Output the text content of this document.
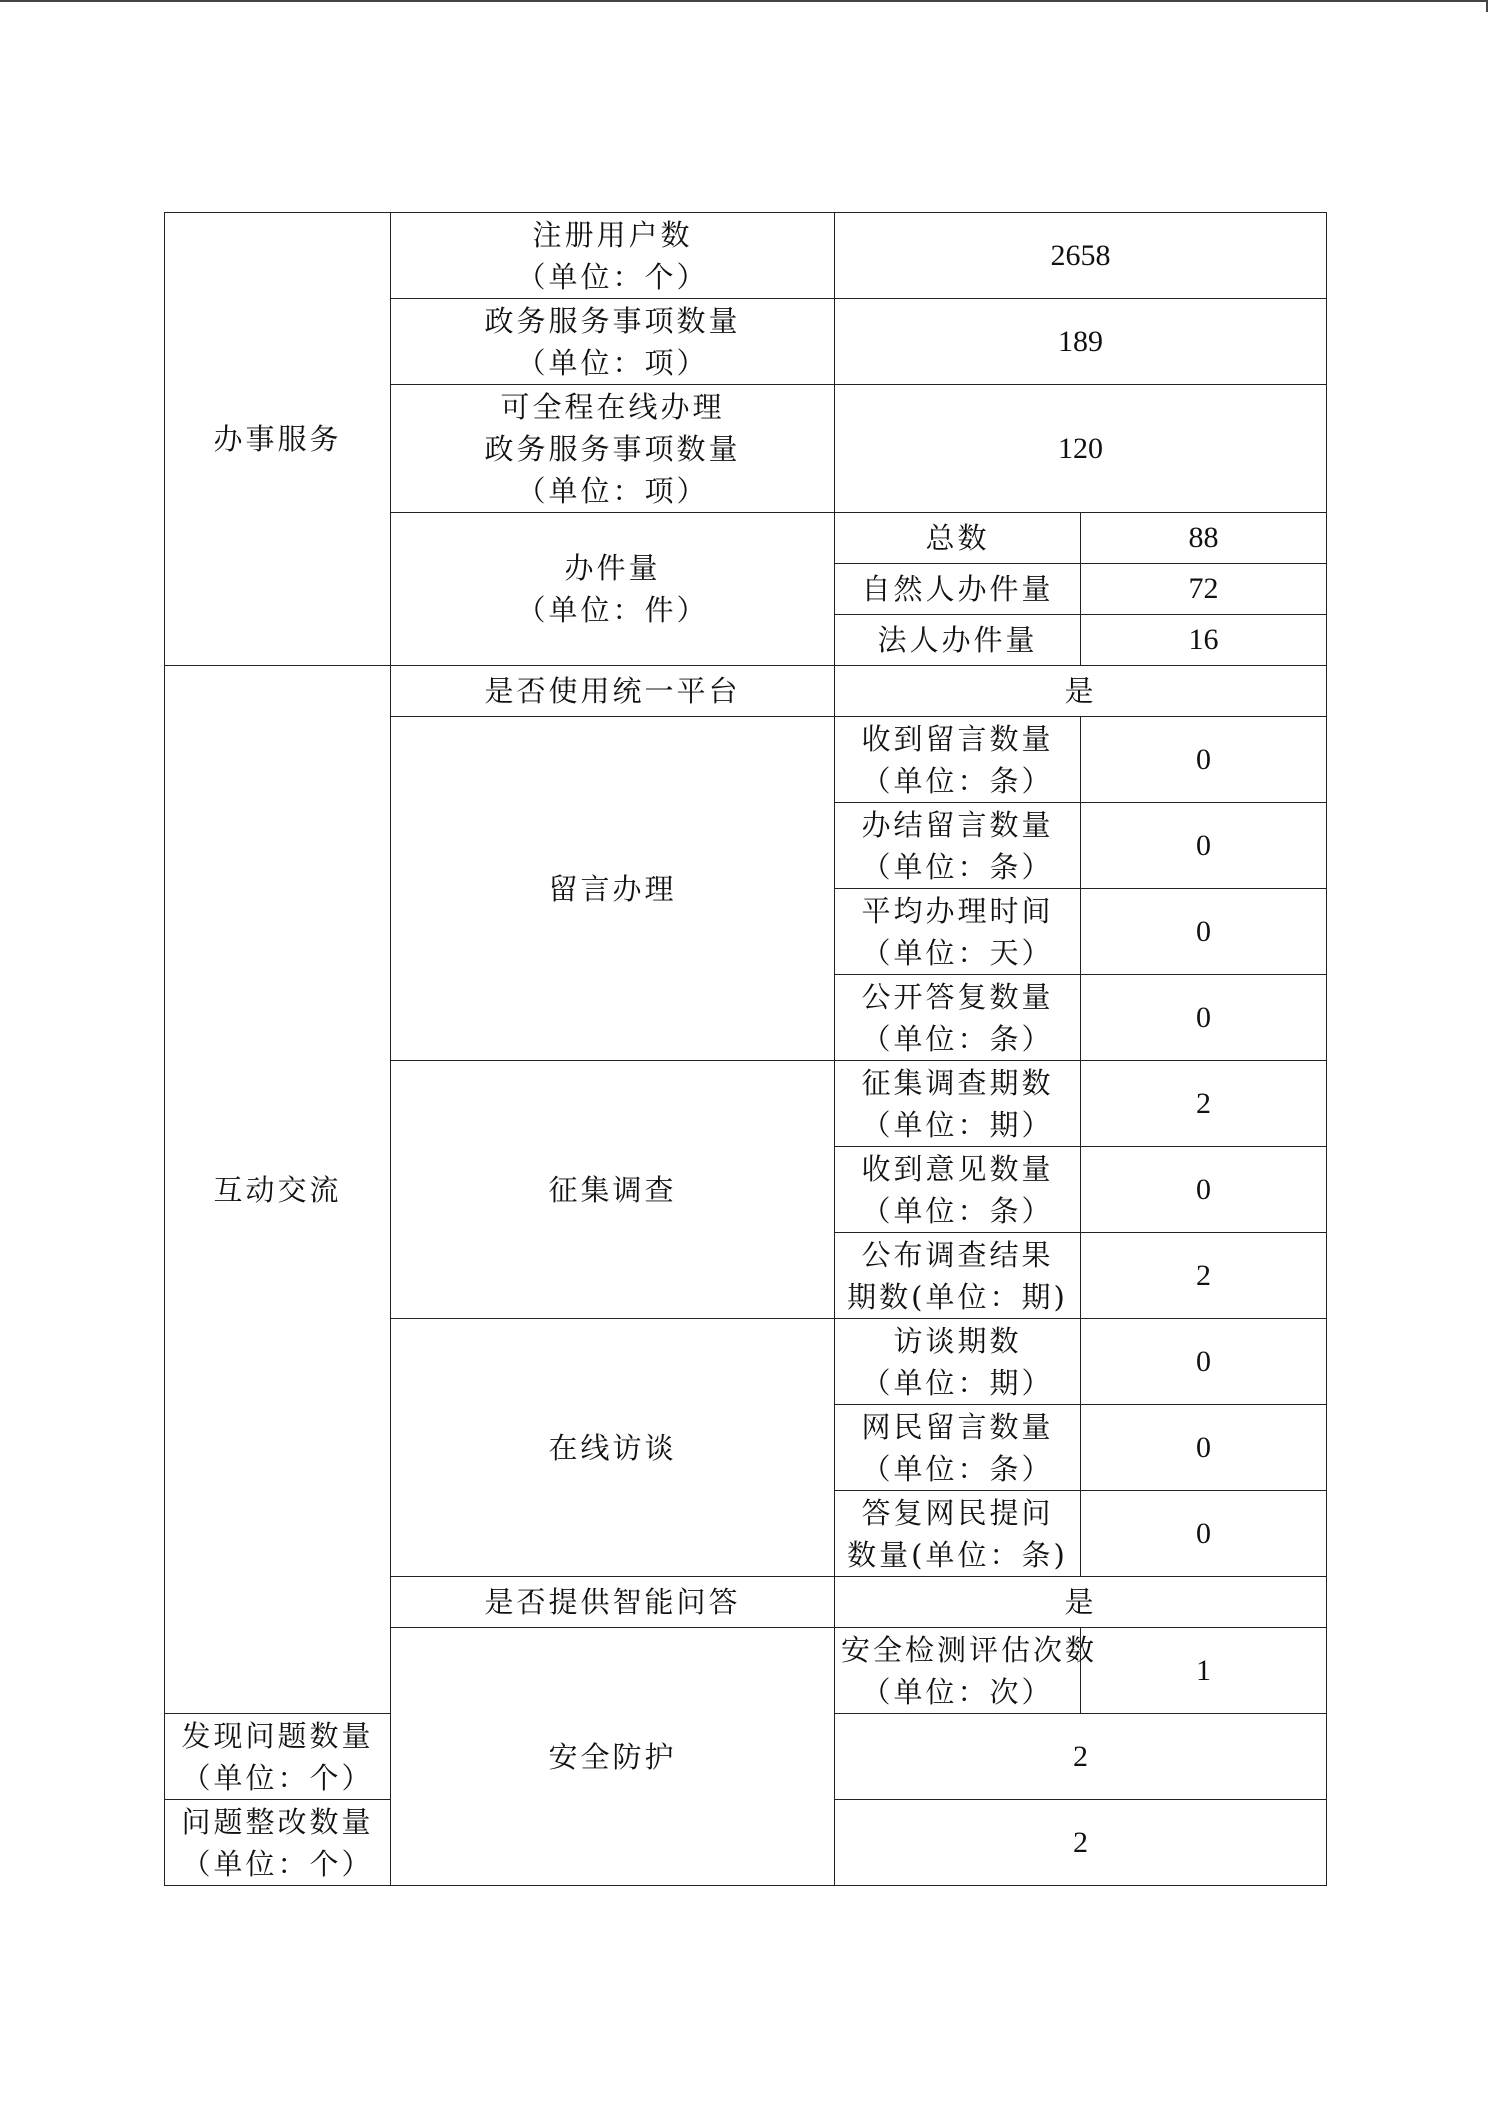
办事服务	注册用户数
（单位：个）	2658	

	政务服务事项数量
（单位：项）	189	

	可全程在线办理
政务服务事项数量
（单位：项）	120	

	办件量
（单位：件）	总数	88
		自然人办件量	72
		法人办件量	16
互动交流	是否使用统一平台	是	
	留言办理	收到留言数量
（单位：条）	0

		办结留言数量
（单位：条）	0

		平均办理时间
（单位：天）	0

		公开答复数量
（单位：条）	0
	征集调查	征集调查期数
（单位：期）	2

		收到意见数量
（单位：条）	0

		公布调查结果
期数(单位：期)	2
	在线访谈	访谈期数
（单位：期）	0

		网民留言数量
（单位：条）	0

		答复网民提问
数量(单位：条)	0
	是否提供智能问答	是	
	安全防护	安全检测评估次数
（单位：次）	1

发现问题数量
（单位：个）		2	

问题整改数量
（单位：个）		2	
